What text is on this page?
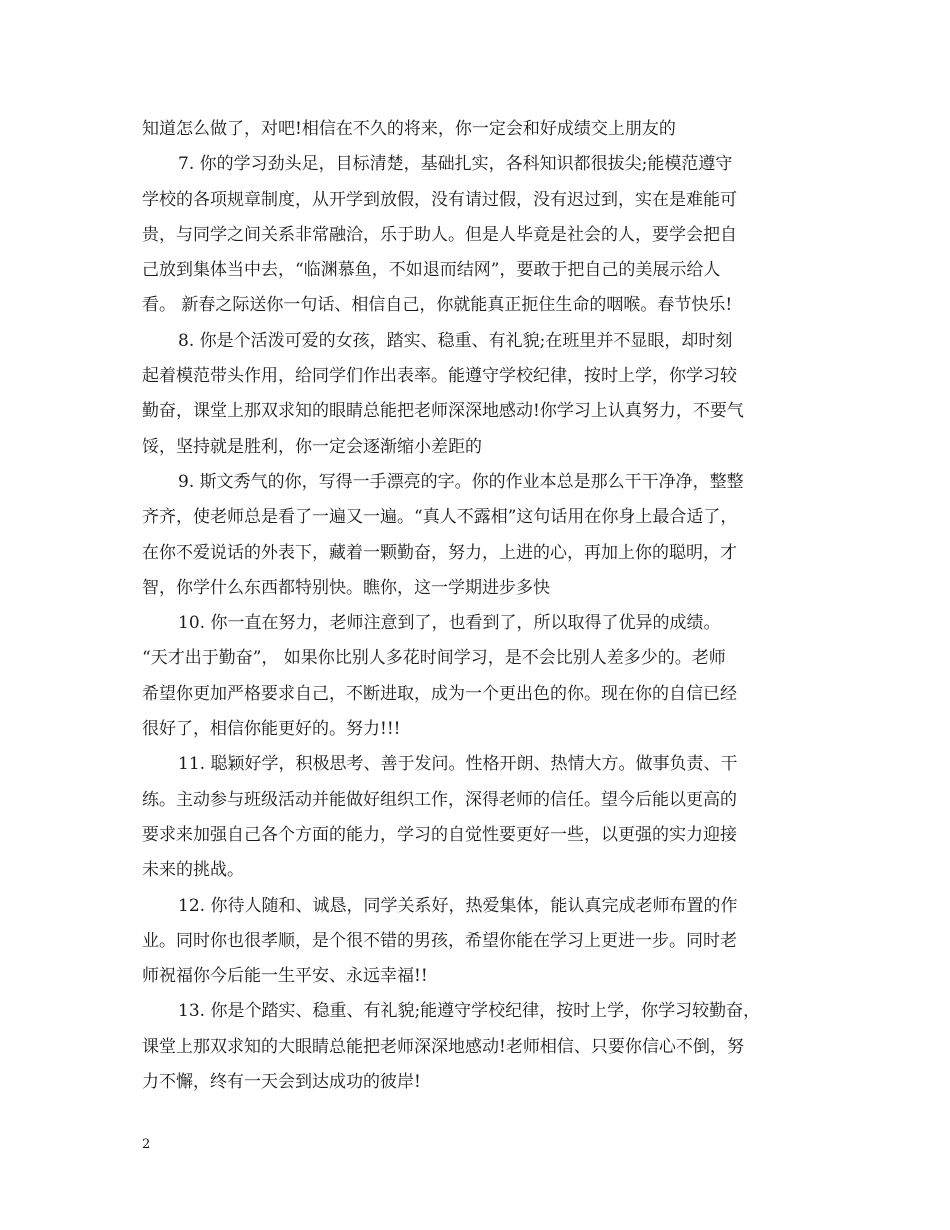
知道怎么做了，对吧!相信在不久的将来，你一定会和好成绩交上朋友的
7. 你的学习劲头足，目标清楚，基础扎实，各科知识都很拔尖;能模范遵守
学校的各项规章制度，从开学到放假，没有请过假，没有迟过到，实在是难能可
贵，与同学之间关系非常融洽，乐于助人。但是人毕竟是社会的人，要学会把自
己放到集体当中去，“临渊慕鱼，不如退而结网”，要敢于把自己的美展示给人
看。 新春之际送你一句话、相信自己，你就能真正扼住生命的咽喉。春节快乐!
8. 你是个活泼可爱的女孩，踏实、稳重、有礼貌;在班里并不显眼，却时刻
起着模范带头作用，给同学们作出表率。能遵守学校纪律，按时上学，你学习较
勤奋，课堂上那双求知的眼睛总能把老师深深地感动!你学习上认真努力，不要气
馁，坚持就是胜利，你一定会逐渐缩小差距的
9. 斯文秀气的你，写得一手漂亮的字。你的作业本总是那么干干净净，整整
齐齐，使老师总是看了一遍又一遍。“真人不露相”这句话用在你身上最合适了，
在你不爱说话的外表下，藏着一颗勤奋，努力，上进的心，再加上你的聪明，才
智，你学什么东西都特别快。瞧你，这一学期进步多快
10. 你一直在努力，老师注意到了，也看到了，所以取得了优异的成绩。
“天才出于勤奋”， 如果你比别人多花时间学习，是不会比别人差多少的。老师
希望你更加严格要求自己，不断进取，成为一个更出色的你。现在你的自信已经
很好了，相信你能更好的。努力!!!
11. 聪颖好学，积极思考、善于发问。性格开朗、热情大方。做事负责、干
练。主动参与班级活动并能做好组织工作，深得老师的信任。望今后能以更高的
要求来加强自己各个方面的能力，学习的自觉性要更好一些，以更强的实力迎接
未来的挑战。
12. 你待人随和、诚恳，同学关系好，热爱集体，能认真完成老师布置的作
业。同时你也很孝顺，是个很不错的男孩，希望你能在学习上更进一步。同时老
师祝福你今后能一生平安、永远幸福!!
13. 你是个踏实、稳重、有礼貌;能遵守学校纪律，按时上学，你学习较勤奋，
课堂上那双求知的大眼睛总能把老师深深地感动!老师相信、只要你信心不倒，努
力不懈，终有一天会到达成功的彼岸!
2
